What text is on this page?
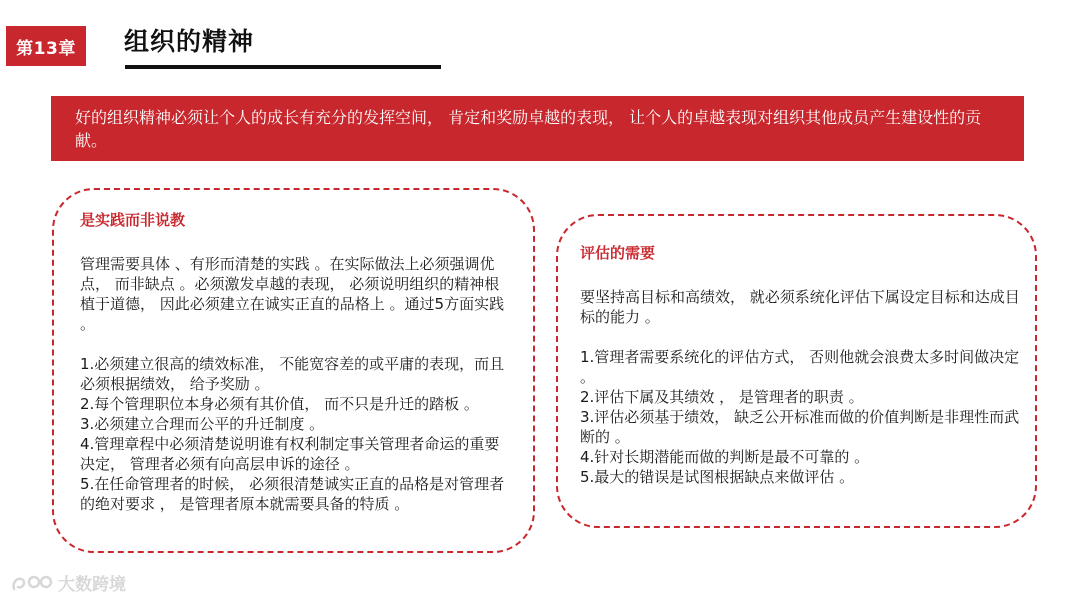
第13章 组织的精神
好的组织精神必须让个人的成长有充分的发挥空间， 肯定和奖励卓越的表现， 让个人的卓越表现对组织其他成员产生建设性的贡献。
是实践而非说教

管理需要具体 、有形而清楚的实践 。在实际做法上必须强调优点， 而非缺点 。必须激发卓越的表现， 必须说明组织的精神根植于道德， 因此必须建立在诚实正直的品格上 。通过5方面实践 。

1.必须建立很高的绩效标准， 不能宽容差的或平庸的表现，而且必须根据绩效， 给予奖励 。
2.每个管理职位本身必须有其价值， 而不只是升迁的踏板 。
3.必须建立合理而公平的升迁制度 。
4.管理章程中必须清楚说明谁有权利制定事关管理者命运的重要决定， 管理者必须有向高层申诉的途径 。
5.在任命管理者的时候， 必须很清楚诚实正直的品格是对管理者的绝对要求 ， 是管理者原本就需要具备的特质 。
评估的需要

要坚持高目标和高绩效， 就必须系统化评估下属设定目标和达成目标的能力 。

1.管理者需要系统化的评估方式， 否则他就会浪费太多时间做决定 。
2.评估下属及其绩效 ， 是管理者的职责 。
3.评估必须基于绩效， 缺乏公开标准而做的价值判断是非理性而武断的 。
4.针对长期潜能而做的判断是最不可靠的 。
5.最大的错误是试图根据缺点来做评估 。
大数跨境
